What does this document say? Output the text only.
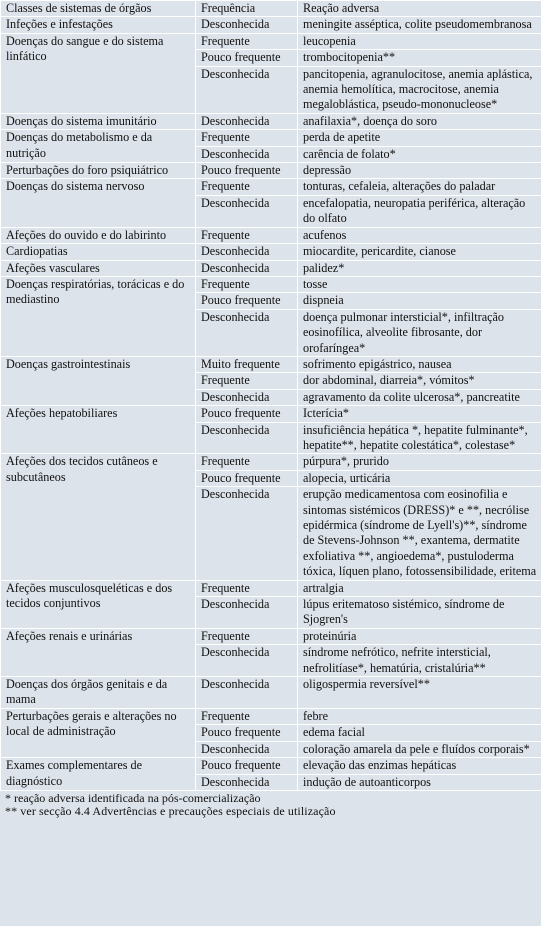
Classes de sistemas de órgãos	Frequência	Reação adversa
Infeções e infestações	Desconhecida	meningite asséptica, colite pseudomembranosa
Doenças do sangue e do sistema linfático	Frequente	leucopenia
	Pouco frequente	trombocitopenia**
	Desconhecida	pancitopenia, agranulocitose, anemia aplástica, anemia hemolítica, macrocitose, anemia megaloblástica, pseudo-mononucleose*
Doenças do sistema imunitário	Desconhecida	anafilaxia*, doença do soro
Doenças do metabolismo e da nutrição	Frequente	perda de apetite
	Desconhecida	carência de folato*
Perturbações do foro psiquiátrico	Pouco frequente	depressão
Doenças do sistema nervoso	Frequente	tonturas, cefaleia, alterações do paladar
	Desconhecida	encefalopatia, neuropatia periférica, alteração do olfato
Afeções do ouvido e do labirinto	Frequente	acufenos
Cardiopatias	Desconhecida	miocardite, pericardite, cianose
Afeções vasculares	Desconhecida	palidez*
Doenças respiratórias, torácicas e do mediastino	Frequente	tosse
	Pouco frequente	dispneia
	Desconhecida	doença pulmonar intersticial*, infiltração eosinofílica, alveolite fibrosante, dor orofaríngea*
Doenças gastrointestinais	Muito frequente	sofrimento epigástrico, nausea
	Frequente	dor abdominal, diarreia*, vómitos*
	Desconhecida	agravamento da colite ulcerosa*, pancreatite
Afeções hepatobiliares	Pouco frequente	Icterícia*
	Desconhecida	insuficiência hepática *, hepatite fulminante*, hepatite**, hepatite colestática*, colestase*
Afeções dos tecidos cutâneos e subcutâneos	Frequente	púrpura*, prurido
	Pouco frequente	alopecia, urticária
	Desconhecida	erupção medicamentosa com eosinofilia e sintomas sistémicos (DRESS)* e **, necrólise epidérmica (síndrome de Lyell's)**, síndrome de Stevens-Johnson **, exantema, dermatite exfoliativa **, angioedema*, pustuloderma tóxica, líquen plano, fotossensibilidade, eritema
Afeções musculosqueléticas e dos tecidos conjuntivos	Frequente	artralgia
	Desconhecida	lúpus eritematoso sistémico, síndrome de Sjogren's
Afeções renais e urinárias	Frequente	proteinúria
	Desconhecida	síndrome nefrótico, nefrite intersticial, nefrolitíase*, hematúria, cristalúria**
Doenças dos órgãos genitais e da mama	Desconhecida	oligospermia reversível**
Perturbações gerais e alterações no local de administração	Frequente	febre
	Pouco frequente	edema facial
	Desconhecida	coloração amarela da pele e fluídos corporais*
Exames complementares de diagnóstico	Pouco frequente	elevação das enzimas hepáticas
	Desconhecida	indução de autoanticorpos
* reação adversa identificada na pós-comercialização
** ver secção 4.4 Advertências e precauções especiais de utilização
